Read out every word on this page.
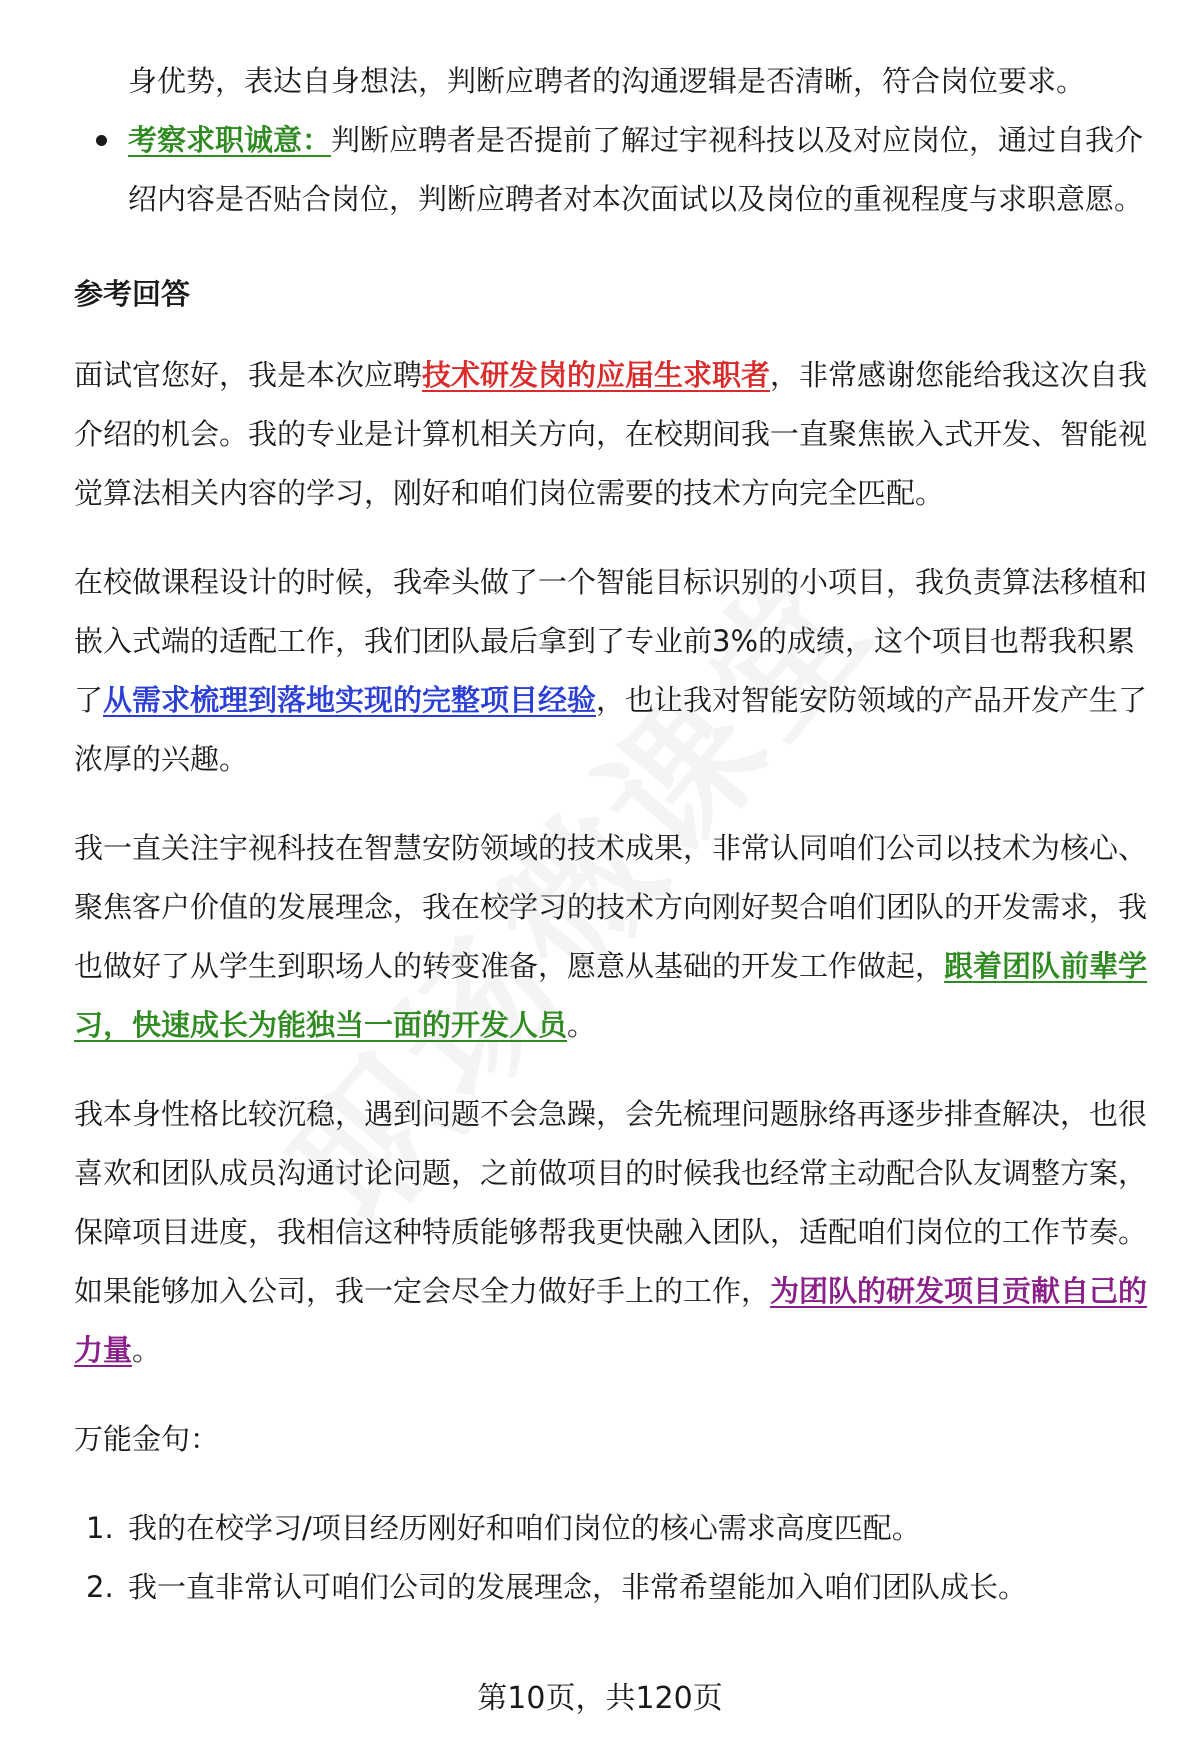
身优势，表达自身想法，判断应聘者的沟通逻辑是否清晰，符合岗位要求。

考察求职诚意：判断应聘者是否提前了解过宇视科技以及对应岗位，通过自我介绍内容是否贴合岗位，判断应聘者对本次面试以及岗位的重视程度与求职意愿。

参考回答

面试官您好，我是本次应聘技术研发岗的应届生求职者，非常感谢您能给我这次自我介绍的机会。我的专业是计算机相关方向，在校期间我一直聚焦嵌入式开发、智能视觉算法相关内容的学习，刚好和咱们岗位需要的技术方向完全匹配。

在校做课程设计的时候，我牵头做了一个智能目标识别的小项目，我负责算法移植和嵌入式端的适配工作，我们团队最后拿到了专业前3%的成绩，这个项目也帮我积累了从需求梳理到落地实现的完整项目经验，也让我对智能安防领域的产品开发产生了浓厚的兴趣。

我一直关注宇视科技在智慧安防领域的技术成果，非常认同咱们公司以技术为核心、聚焦客户价值的发展理念，我在校学习的技术方向刚好契合咱们团队的开发需求，我也做好了从学生到职场人的转变准备，愿意从基础的开发工作做起，跟着团队前辈学习，快速成长为能独当一面的开发人员。

我本身性格比较沉稳，遇到问题不会急躁，会先梳理问题脉络再逐步排查解决，也很喜欢和团队成员沟通讨论问题，之前做项目的时候我也经常主动配合队友调整方案，保障项目进度，我相信这种特质能够帮我更快融入团队，适配咱们岗位的工作节奏。如果能够加入公司，我一定会尽全力做好手上的工作，为团队的研发项目贡献自己的力量。

万能金句：

1. 我的在校学习/项目经历刚好和咱们岗位的核心需求高度匹配。
2. 我一直非常认可咱们公司的发展理念，非常希望能加入咱们团队成长。
第10页，共120页
